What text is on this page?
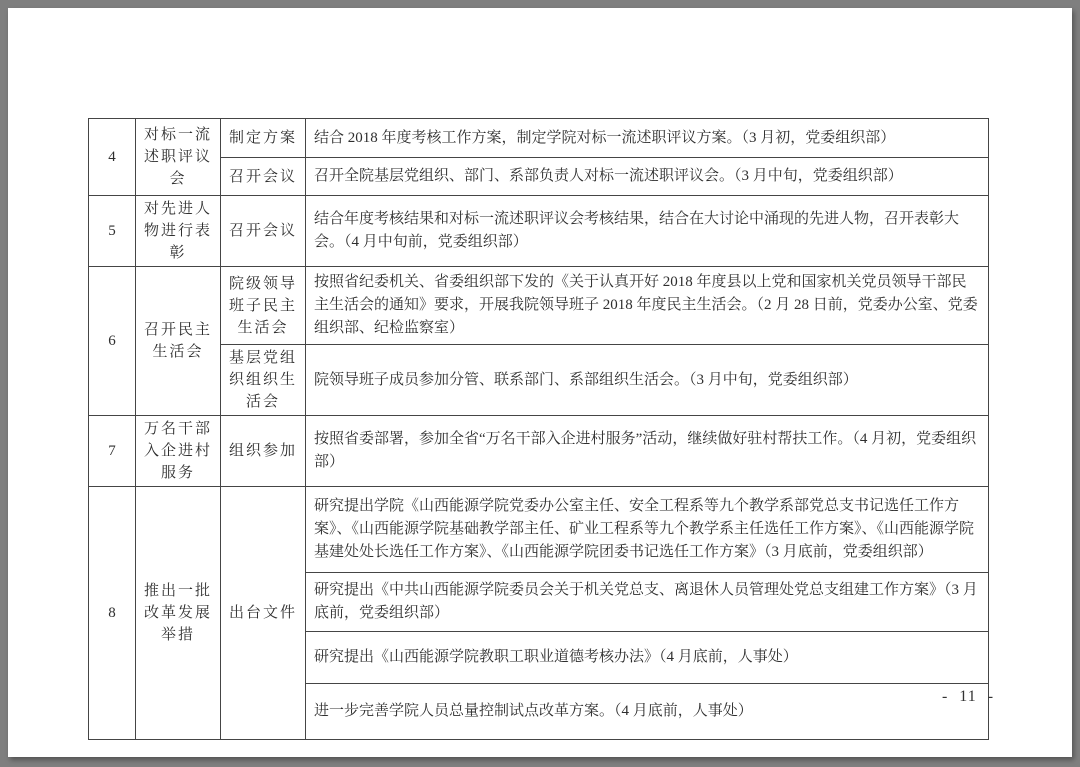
4	对标一流述职评议会	制定方案	结合 2018 年度考核工作方案，制定学院对标一流述职评议方案。（3 月初，党委组织部）
		召开会议	召开全院基层党组织、部门、系部负责人对标一流述职评议会。（3 月中旬，党委组织部）
5	对先进人物进行表彰	召开会议	结合年度考核结果和对标一流述职评议会考核结果，结合在大讨论中涌现的先进人物，召开表彰大会。（4 月中旬前，党委组织部）
6	召开民主生活会	院级领导班子民主生活会	按照省纪委机关、省委组织部下发的《关于认真开好 2018 年度县以上党和国家机关党员领导干部民主生活会的通知》要求，开展我院领导班子 2018 年度民主生活会。（2 月 28 日前，党委办公室、党委组织部、纪检监察室）
		基层党组织组织生活会	院领导班子成员参加分管、联系部门、系部组织生活会。（3 月中旬，党委组织部）
7	万名干部入企进村服务	组织参加	按照省委部署，参加全省“万名干部入企进村服务”活动，继续做好驻村帮扶工作。（4 月初，党委组织部）
8	推出一批改革发展举措	出台文件	研究提出学院《山西能源学院党委办公室主任、安全工程系等九个教学系部党总支书记选任工作方案》、《山西能源学院基础教学部主任、矿业工程系等九个教学系主任选任工作方案》、《山西能源学院基建处处长选任工作方案》、《山西能源学院团委书记选任工作方案》（3 月底前，党委组织部）
			研究提出《中共山西能源学院委员会关于机关党总支、离退休人员管理处党总支组建工作方案》（3 月底前，党委组织部）
			研究提出《山西能源学院教职工职业道德考核办法》（4 月底前，人事处）
			进一步完善学院人员总量控制试点改革方案。（4 月底前，人事处）
- 11 -
